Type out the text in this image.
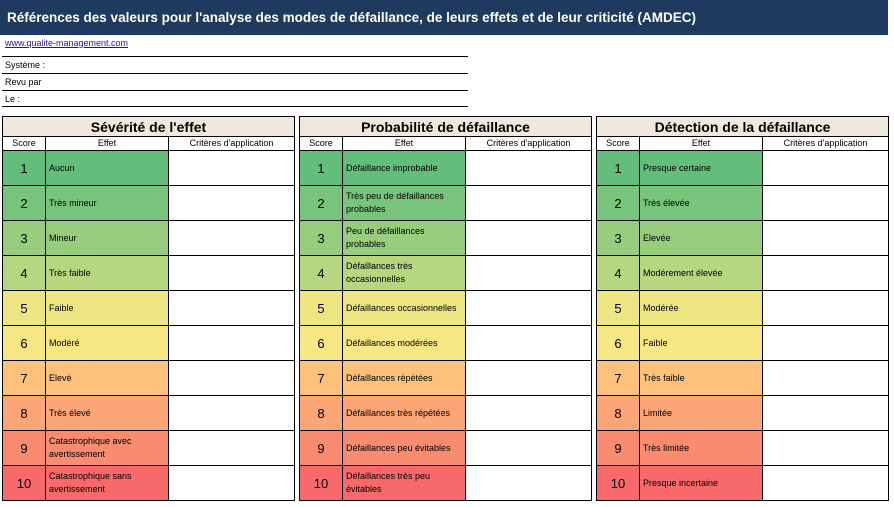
Références des valeurs pour l'analyse des modes de défaillance, de leurs effets et de leur criticité (AMDEC)
www.qualite-management.com
Système :
Revu par
Le :
Sévérité de l'effet		
Score	Effet	Critères d'application
1	Aucun	
2	Très mineur	
3	Mineur	
4	Très faible	
5	Faible	
6	Modéré	
7	Elevé	
8	Très élevé	
9	Catastrophique avec avertissement	
10	Catastrophique sans avertissement	
Probabilité de défaillance		
Score	Effet	Critères d'application
1	Défaillance improbable	
2	Très peu de défaillances probables	
3	Peu de défaillances probables	
4	Défaillances très occasionnelles	
5	Défaillances occasionnelles	
6	Défaillances modérées	
7	Défaillances répétées	
8	Défaillances très répétées	
9	Défaillances peu évitables	
10	Défaillances très peu évitables	
Détection de la défaillance		
Score	Effet	Critères d'application
1	Presque certaine	
2	Très élevée	
3	Elevée	
4	Modérement élevée	
5	Modérée	
6	Faible	
7	Très faible	
8	Limitée	
9	Très limitée	
10	Presque incertaine	
